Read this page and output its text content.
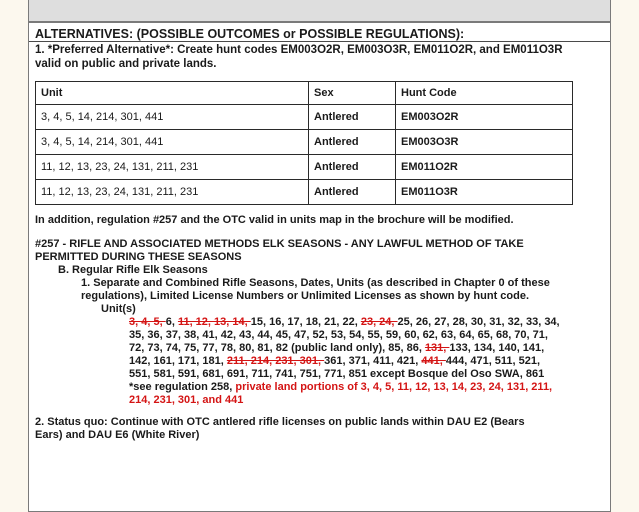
ALTERNATIVES: (POSSIBLE OUTCOMES or POSSIBLE REGULATIONS):
1. *Preferred Alternative*: Create hunt codes EM003O2R, EM003O3R, EM011O2R, and EM011O3R
valid on public and private lands.
Unit	Sex	Hunt Code
3, 4, 5, 14, 214, 301, 441	Antlered	EM003O2R
3, 4, 5, 14, 214, 301, 441	Antlered	EM003O3R
11, 12, 13, 23, 24, 131, 211, 231	Antlered	EM011O2R
11, 12, 13, 23, 24, 131, 211, 231	Antlered	EM011O3R
In addition, regulation #257 and the OTC valid in units map in the brochure will be modified.
#257 - RIFLE AND ASSOCIATED METHODS ELK SEASONS - ANY LAWFUL METHOD OF TAKE
PERMITTED DURING THESE SEASONS
B. Regular Rifle Elk Seasons
1. Separate and Combined Rifle Seasons, Dates, Units (as described in Chapter 0 of these
regulations), Limited License Numbers or Unlimited Licenses as shown by hunt code.
Unit(s)
3, 4, 5, 6, 11, 12, 13, 14, 15, 16, 17, 18, 21, 22, 23, 24, 25, 26, 27, 28, 30, 31, 32, 33, 34,
35, 36, 37, 38, 41, 42, 43, 44, 45, 47, 52, 53, 54, 55, 59, 60, 62, 63, 64, 65, 68, 70, 71,
72, 73, 74, 75, 77, 78, 80, 81, 82 (public land only), 85, 86, 131, 133, 134, 140, 141,
142, 161, 171, 181, 211, 214, 231, 301, 361, 371, 411, 421, 441, 444, 471, 511, 521,
551, 581, 591, 681, 691, 711, 741, 751, 771, 851 except Bosque del Oso SWA, 861
*see regulation 258, private land portions of 3, 4, 5, 11, 12, 13, 14, 23, 24, 131, 211,
214, 231, 301, and 441
2. Status quo: Continue with OTC antlered rifle licenses on public lands within DAU E2 (Bears
Ears) and DAU E6 (White River)
